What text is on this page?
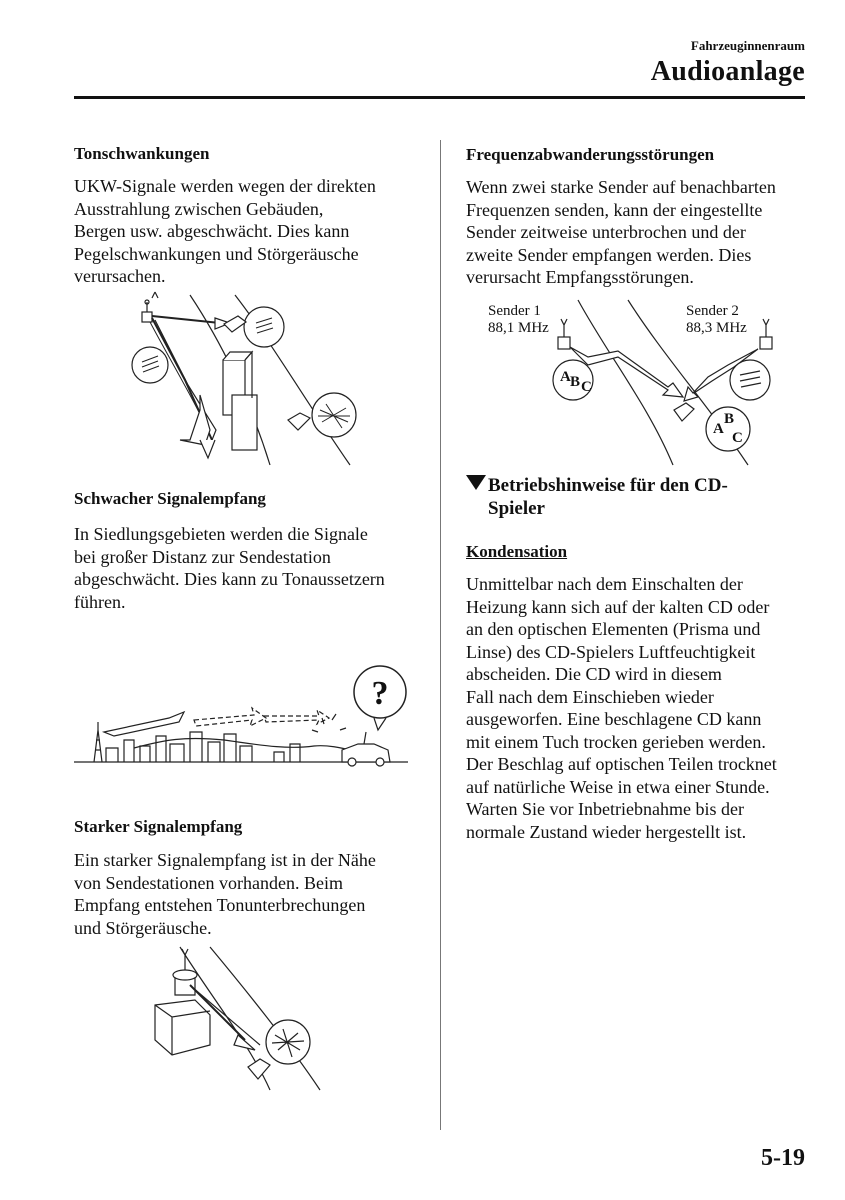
Fahrzeuginnenraum
Audioanlage
Tonschwankungen
UKW-Signale werden wegen der direkten
Ausstrahlung zwischen Gebäuden,
Bergen usw. abgeschwächt. Dies kann
Pegelschwankungen und Störgeräusche
verursachen.
Schwacher Signalempfang
In Siedlungsgebieten werden die Signale
bei großer Distanz zur Sendestation
abgeschwächt. Dies kann zu Tonaussetzern
führen.
?
Starker Signalempfang
Ein starker Signalempfang ist in der Nähe
von Sendestationen vorhanden. Beim
Empfang entstehen Tonunterbrechungen
und Störgeräusche.
Frequenzabwanderungsstörungen
Wenn zwei starke Sender auf benachbarten
Frequenzen senden, kann der eingestellte
Sender zeitweise unterbrochen und der
zweite Sender empfangen werden. Dies
verursacht Empfangsstörungen.
Sender 1
88,1 MHz
Sender 2
88,3 MHz
A B C
A
B
C
Betriebshinweise für den CD-
Spieler
Kondensation
Unmittelbar nach dem Einschalten der
Heizung kann sich auf der kalten CD oder
an den optischen Elementen (Prisma und
Linse) des CD-Spielers Luftfeuchtigkeit
abscheiden. Die CD wird in diesem
Fall nach dem Einschieben wieder
ausgeworfen. Eine beschlagene CD kann
mit einem Tuch trocken gerieben werden.
Der Beschlag auf optischen Teilen trocknet
auf natürliche Weise in etwa einer Stunde.
Warten Sie vor Inbetriebnahme bis der
normale Zustand wieder hergestellt ist.
5-19
